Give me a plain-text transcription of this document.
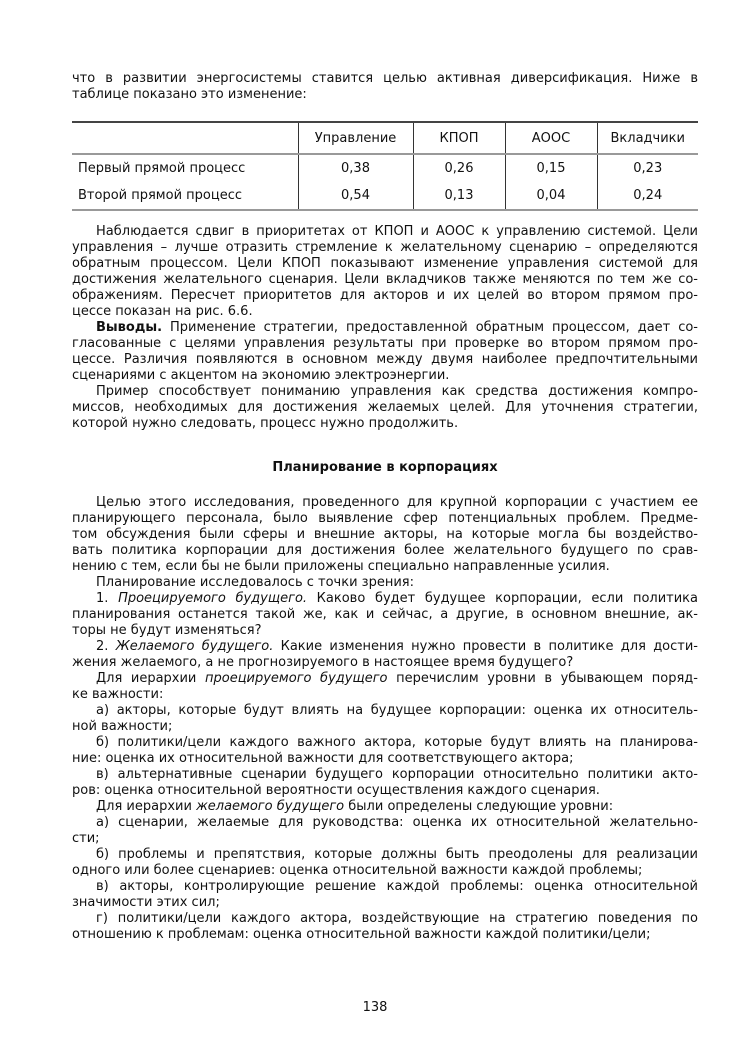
что в развитии энергосистемы ставится целью активная диверсификация. Ниже в
таблице показано это изменение:
	Управление	КПОП	АООС	Вкладчики
Первый прямой процесс	0,38	0,26	0,15	0,23
Второй прямой процесс	0,54	0,13	0,04	0,24
Наблюдается сдвиг в приоритетах от КПОП и АООС к управлению системой. Цели
управления – лучше отразить стремление к желательному сценарию – определяются
обратным процессом. Цели КПОП показывают изменение управления системой для
достижения желательного сценария. Цели вкладчиков также меняются по тем же со-
ображениям. Пересчет приоритетов для акторов и их целей во втором прямом про-
цессе показан на рис. 6.6.
Выводы. Применение стратегии, предоставленной обратным процессом, дает со-
гласованные с целями управления результаты при проверке во втором прямом про-
цессе. Различия появляются в основном между двумя наиболее предпочтительными
сценариями с акцентом на экономию электроэнергии.
Пример способствует пониманию управления как средства достижения компро-
миссов, необходимых для достижения желаемых целей. Для уточнения стратегии,
которой нужно следовать, процесс нужно продолжить.
Планирование в корпорациях
Целью этого исследования, проведенного для крупной корпорации с участием ее
планирующего персонала, было выявление сфер потенциальных проблем. Предме-
том обсуждения были сферы и внешние акторы, на которые могла бы воздейство-
вать политика корпорации для достижения более желательного будущего по срав-
нению с тем, если бы не были приложены специально направленные усилия.
Планирование исследовалось с точки зрения:
1. Проецируемого будущего. Каково будет будущее корпорации, если политика
планирования останется такой же, как и сейчас, а другие, в основном внешние, ак-
торы не будут изменяться?
2. Желаемого будущего. Какие изменения нужно провести в политике для дости-
жения желаемого, а не прогнозируемого в настоящее время будущего?
Для иерархии проецируемого будущего перечислим уровни в убывающем поряд-
ке важности:
а) акторы, которые будут влиять на будущее корпорации: оценка их относитель-
ной важности;
б) политики/цели каждого важного актора, которые будут влиять на планирова-
ние: оценка их относительной важности для соответствующего актора;
в) альтернативные сценарии будущего корпорации относительно политики акто-
ров: оценка относительной вероятности осуществления каждого сценария.
Для иерархии желаемого будущего были определены следующие уровни:
а) сценарии, желаемые для руководства: оценка их относительной желательно-
сти;
б) проблемы и препятствия, которые должны быть преодолены для реализации
одного или более сценариев: оценка относительной важности каждой проблемы;
в) акторы, контролирующие решение каждой проблемы: оценка относительной
значимости этих сил;
г) политики/цели каждого актора, воздействующие на стратегию поведения по
отношению к проблемам: оценка относительной важности каждой политики/цели;
138
